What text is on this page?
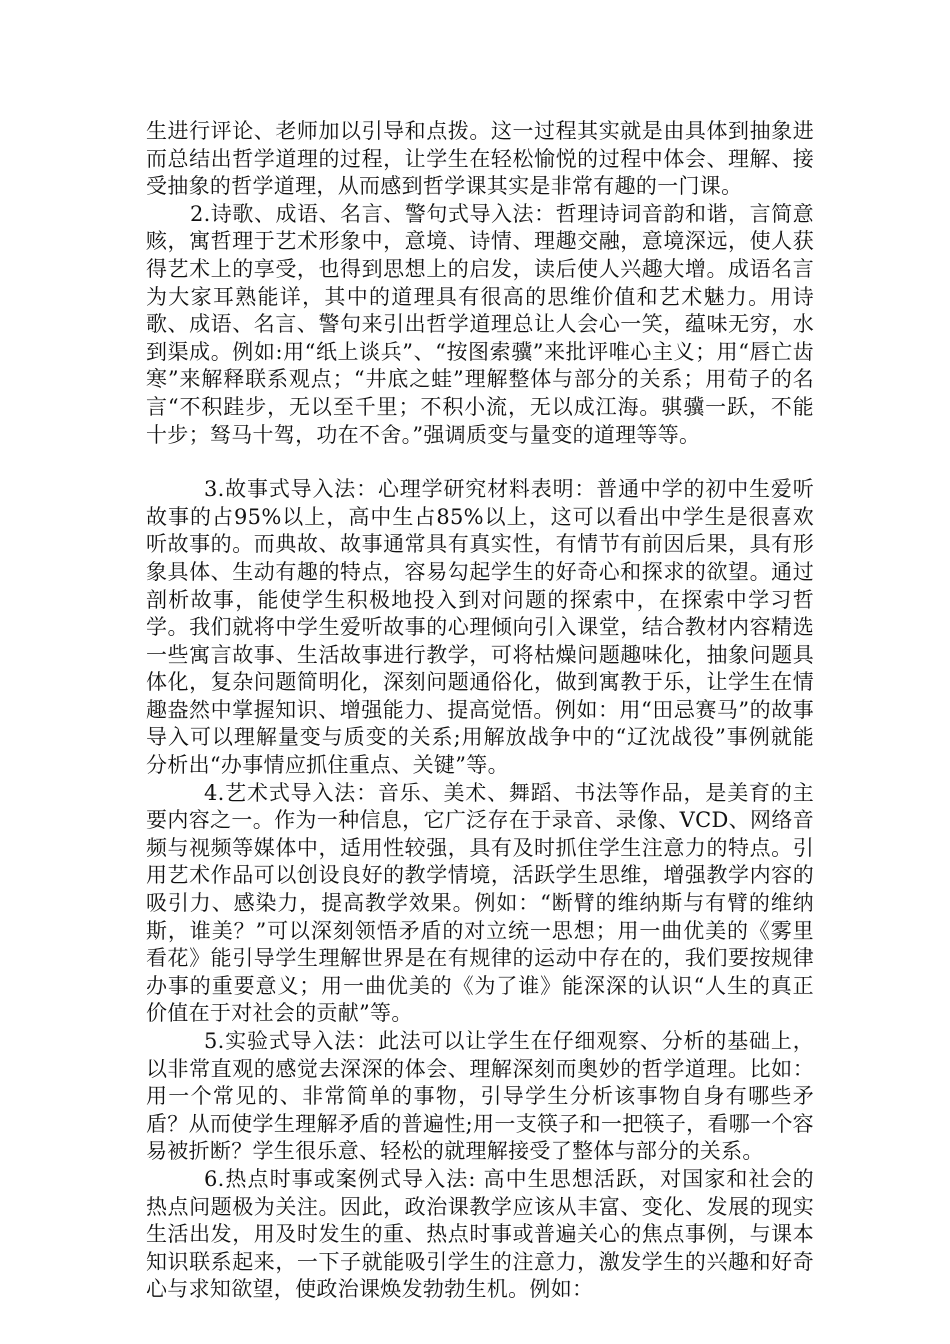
生进行评论、老师加以引导和点拨。这一过程其实就是由具体到抽象进而总结出哲学道理的过程，让学生在轻松愉悦的过程中体会、理解、接受抽象的哲学道理，从而感到哲学课其实是非常有趣的一门课。

2.诗歌、成语、名言、警句式导入法：哲理诗词音韵和谐，言简意赅，寓哲理于艺术形象中，意境、诗情、理趣交融，意境深远，使人获得艺术上的享受，也得到思想上的启发，读后使人兴趣大增。成语名言为大家耳熟能详，其中的道理具有很高的思维价值和艺术魅力。用诗歌、成语、名言、警句来引出哲学道理总让人会心一笑，蕴味无穷，水到渠成。例如:用“纸上谈兵”、“按图索骥”来批评唯心主义；用“唇亡齿寒”来解释联系观点；“井底之蛙”理解整体与部分的关系；用荀子的名言“不积跬步，无以至千里；不积小流，无以成江海。骐骥一跃，不能十步；驽马十驾，功在不舍。”强调质变与量变的道理等等。

3.故事式导入法：心理学研究材料表明：普通中学的初中生爱听故事的占95%以上，高中生占85%以上，这可以看出中学生是很喜欢听故事的。而典故、故事通常具有真实性，有情节有前因后果，具有形象具体、生动有趣的特点，容易勾起学生的好奇心和探求的欲望。通过剖析故事，能使学生积极地投入到对问题的探索中，在探索中学习哲学。我们就将中学生爱听故事的心理倾向引入课堂，结合教材内容精选一些寓言故事、生活故事进行教学，可将枯燥问题趣味化，抽象问题具体化，复杂问题简明化，深刻问题通俗化，做到寓教于乐，让学生在情趣盎然中掌握知识、增强能力、提高觉悟。例如：用“田忌赛马”的故事导入可以理解量变与质变的关系;用解放战争中的“辽沈战役”事例就能分析出“办事情应抓住重点、关键”等。

4.艺术式导入法：音乐、美术、舞蹈、书法等作品，是美育的主要内容之一。作为一种信息，它广泛存在于录音、录像、VCD、网络音频与视频等媒体中，适用性较强，具有及时抓住学生注意力的特点。引用艺术作品可以创设良好的教学情境，活跃学生思维，增强教学内容的吸引力、感染力，提高教学效果。例如：“断臂的维纳斯与有臂的维纳斯，谁美？”可以深刻领悟矛盾的对立统一思想；用一曲优美的《雾里看花》能引导学生理解世界是在有规律的运动中存在的，我们要按规律办事的重要意义；用一曲优美的《为了谁》能深深的认识“人生的真正价值在于对社会的贡献”等。

5.实验式导入法：此法可以让学生在仔细观察、分析的基础上，以非常直观的感觉去深深的体会、理解深刻而奥妙的哲学道理。比如：用一个常见的、非常简单的事物，引导学生分析该事物自身有哪些矛盾？从而使学生理解矛盾的普遍性;用一支筷子和一把筷子，看哪一个容易被折断？学生很乐意、轻松的就理解接受了整体与部分的关系。

6.热点时事或案例式导入法: 高中生思想活跃，对国家和社会的热点问题极为关注。因此，政治课教学应该从丰富、变化、发展的现实生活出发，用及时发生的重、热点时事或普遍关心的焦点事例，与课本知识联系起来，一下子就能吸引学生的注意力，激发学生的兴趣和好奇心与求知欲望，使政治课焕发勃勃生机。例如：
